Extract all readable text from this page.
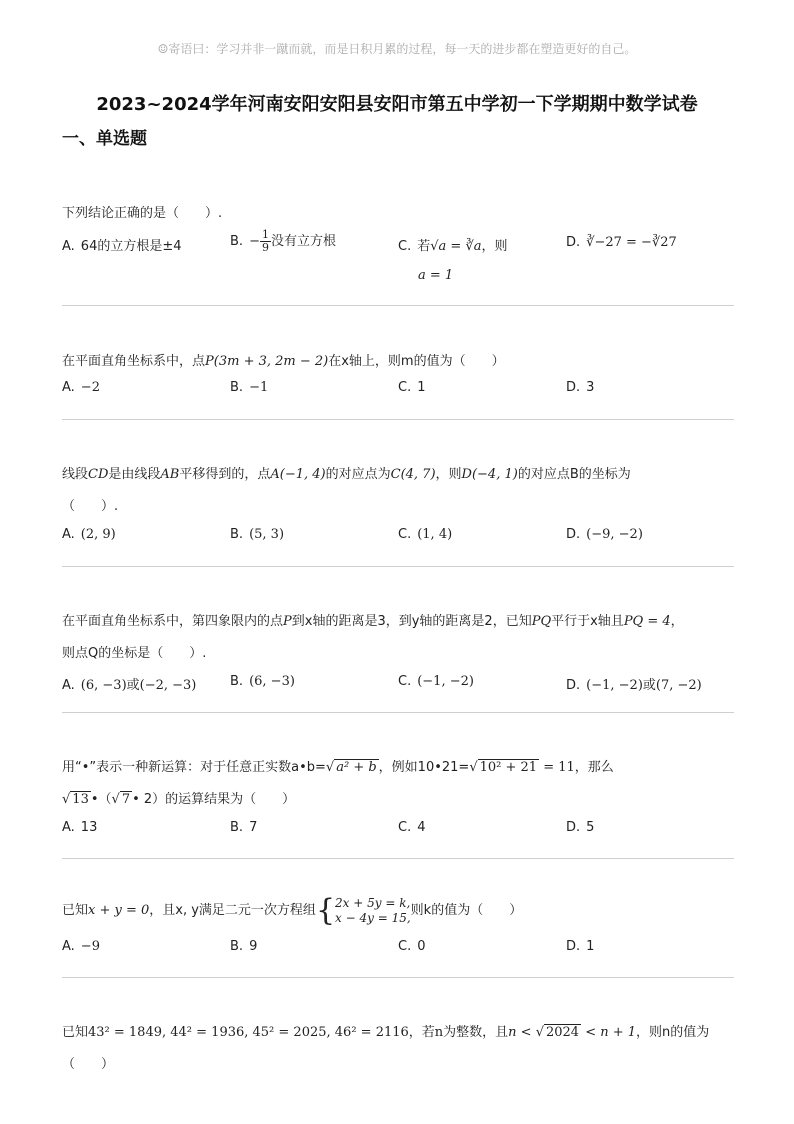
☺寄语曰：学习并非一蹴而就，而是日积月累的过程，每一天的进步都在塑造更好的自己。
2023~2024学年河南安阳安阳县安阳市第五中学初一下学期期中数学试卷
一、单选题
下列结论正确的是（　　）.
A. 64的立方根是±4	B. − $\frac{1}{9}$ 没有立方根	C. 若√a = ∛a，则
a = 1
D. ∛−27 = −∛27
在平面直角坐标系中，点P(3m + 3, 2m − 2)在x轴上，则m的值为（　　）
A. −2	B. −1	C. 1	D. 3
线段CD是由线段AB平移得到的，点A(−1, 4)的对应点为C(4, 7)，则D(−4, 1)的对应点B的坐标为
（　　）.
A. (2, 9)	B. (5, 3)	C. (1, 4)	D. (−9, −2)
在平面直角坐标系中，第四象限内的点P到x轴的距离是3，到y轴的距离是2，已知PQ平行于x轴且PQ = 4，
则点Q的坐标是（　　）.
A. (6, −3)或(−2, −3)	B. (6, −3)	C. (−1, −2)	D. (−1, −2)或(7, −2)
用“•”表示一种新运算：对于任意正实数a•b=√ a² + b ，例如10•21=√ 10² + 21 = 11，那么
√ 13 •（√ 7 • 2）的运算结果为（　　）
A. 13	B. 7	C. 4	D. 5
已知x + y = 0，且x, y满足二元一次方程组{ 2x + 5y = k,
x − 4y = 15, 则k的值为（　　）
A. −9	B. 9	C. 0	D. 1
已知43² = 1849, 44² = 1936, 45² = 2025, 46² = 2116，若n为整数，且n < √ 2024 < n + 1，则n的值为
（　　）
